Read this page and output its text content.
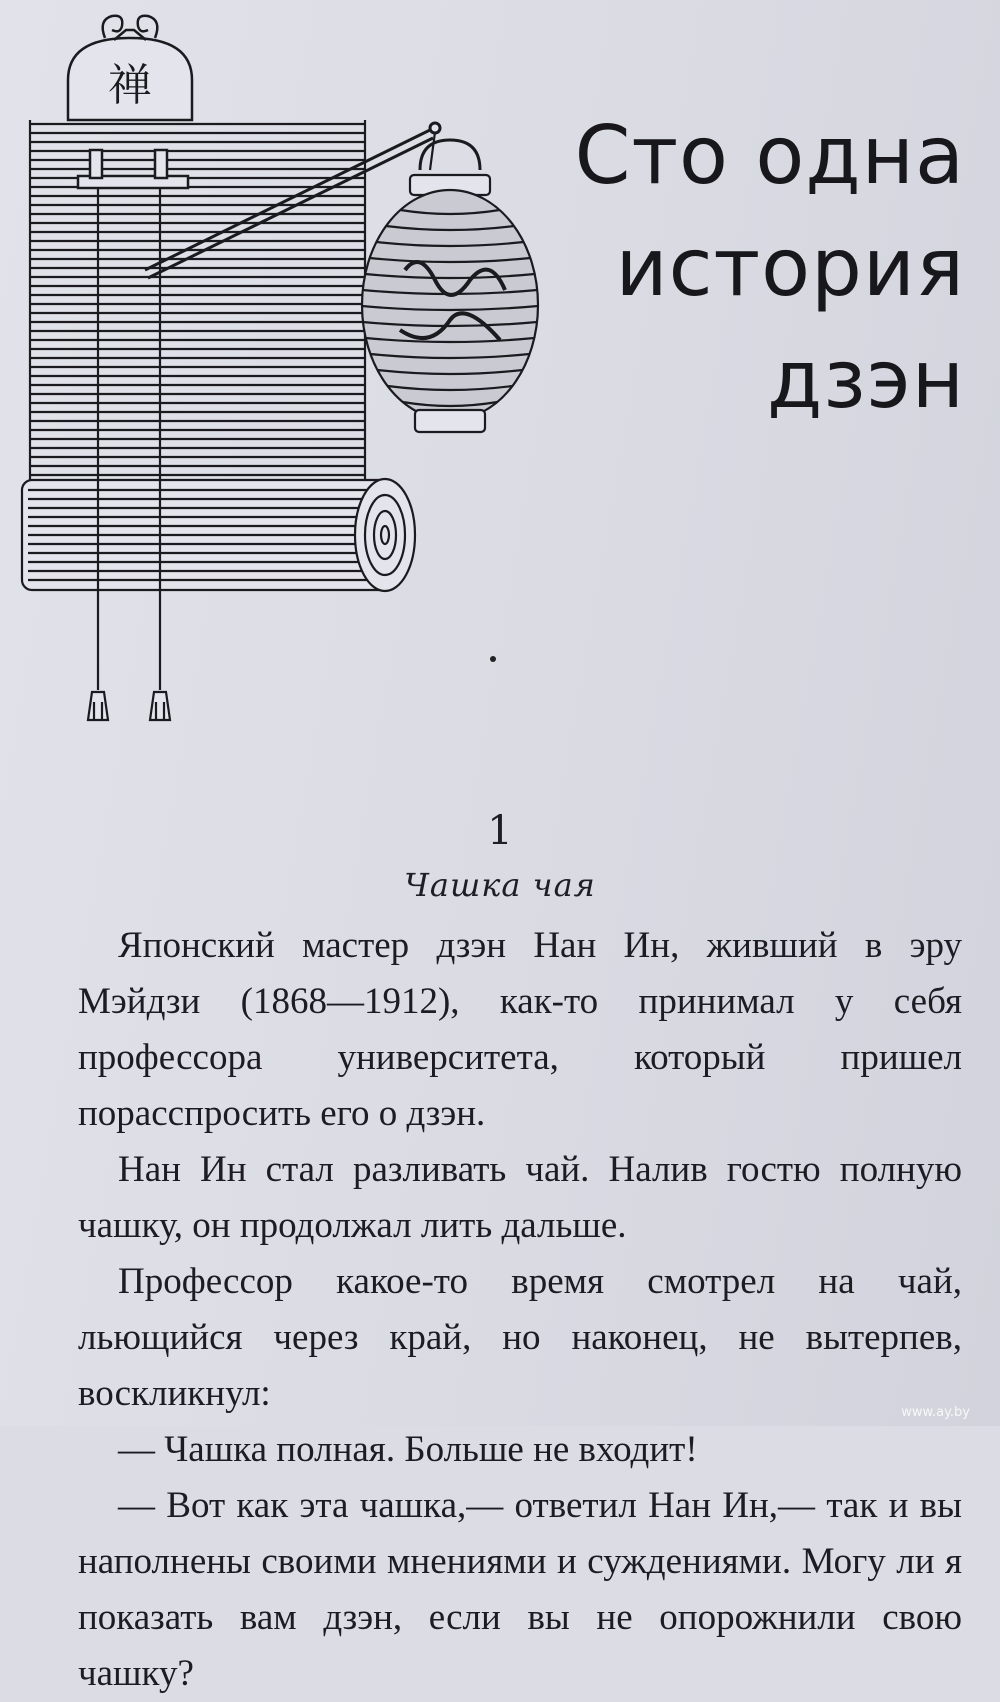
禅
Сто одна
история
дзэн
1
Чашка чая

Японский мастер дзэн Нан Ин, живший в эру Мэйдзи (1868—1912), как-то принимал у себя профессора университета, который пришел порасспросить его о дзэн.

Нан Ин стал разливать чай. Налив гостю полную чашку, он продолжал лить дальше.

Профессор какое-то время смотрел на чай, льющийся через край, но наконец, не вытерпев, воскликнул:

— Чашка полная. Больше не входит!

— Вот как эта чашка,— ответил Нан Ин,— так и вы наполнены своими мнениями и суждениями. Могу ли я показать вам дзэн, если вы не опорожнили свою чашку?

www.ay.by
